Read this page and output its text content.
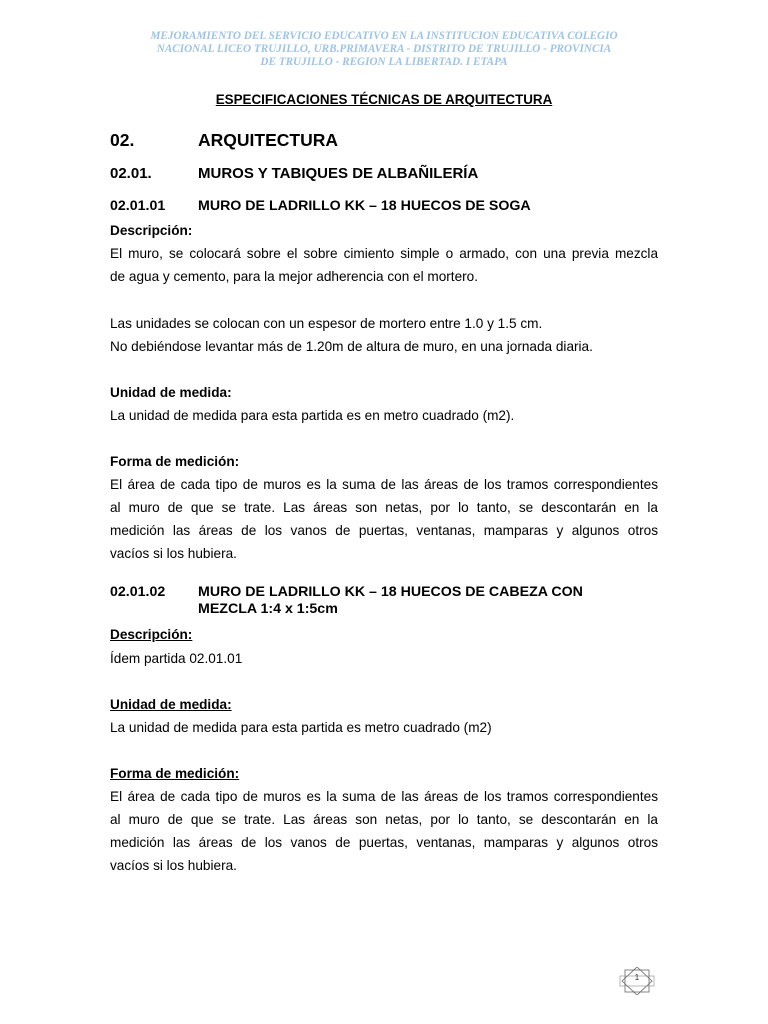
MEJORAMIENTO DEL SERVICIO EDUCATIVO EN LA INSTITUCION EDUCATIVA COLEGIO
NACIONAL LICEO TRUJILLO, URB.PRIMAVERA - DISTRITO DE TRUJILLO - PROVINCIA
DE TRUJILLO - REGION LA LIBERTAD. I ETAPA
ESPECIFICACIONES TÉCNICAS DE ARQUITECTURA
02.	ARQUITECTURA
02.01.	MUROS Y TABIQUES DE ALBAÑILERÍA
02.01.01 MURO DE LADRILLO KK – 18 HUECOS DE SOGA
Descripción:
El muro, se colocará sobre el sobre cimiento simple o armado, con una previa mezcla
de agua y cemento, para la mejor adherencia con el mortero.
Las unidades se colocan con un espesor de mortero entre 1.0 y 1.5 cm.
No debiéndose levantar más de 1.20m de altura de muro, en una jornada diaria.
Unidad de medida:
La unidad de medida para esta partida es en metro cuadrado (m2).
Forma de medición:
El área de cada tipo de muros es la suma de las áreas de los tramos correspondientes
al muro de que se trate. Las áreas son netas, por lo tanto, se descontarán en la
medición las áreas de los vanos de puertas, ventanas, mamparas y algunos otros
vacíos si los hubiera.
02.01.02 MURO DE LADRILLO KK – 18 HUECOS DE CABEZA CON
MEZCLA 1:4 x 1:5cm
Descripción:
Ídem partida 02.01.01
Unidad de medida:
La unidad de medida para esta partida es metro cuadrado (m2)
Forma de medición:
El área de cada tipo de muros es la suma de las áreas de los tramos correspondientes
al muro de que se trate. Las áreas son netas, por lo tanto, se descontarán en la
medición las áreas de los vanos de puertas, ventanas, mamparas y algunos otros
vacíos si los hubiera.
1
